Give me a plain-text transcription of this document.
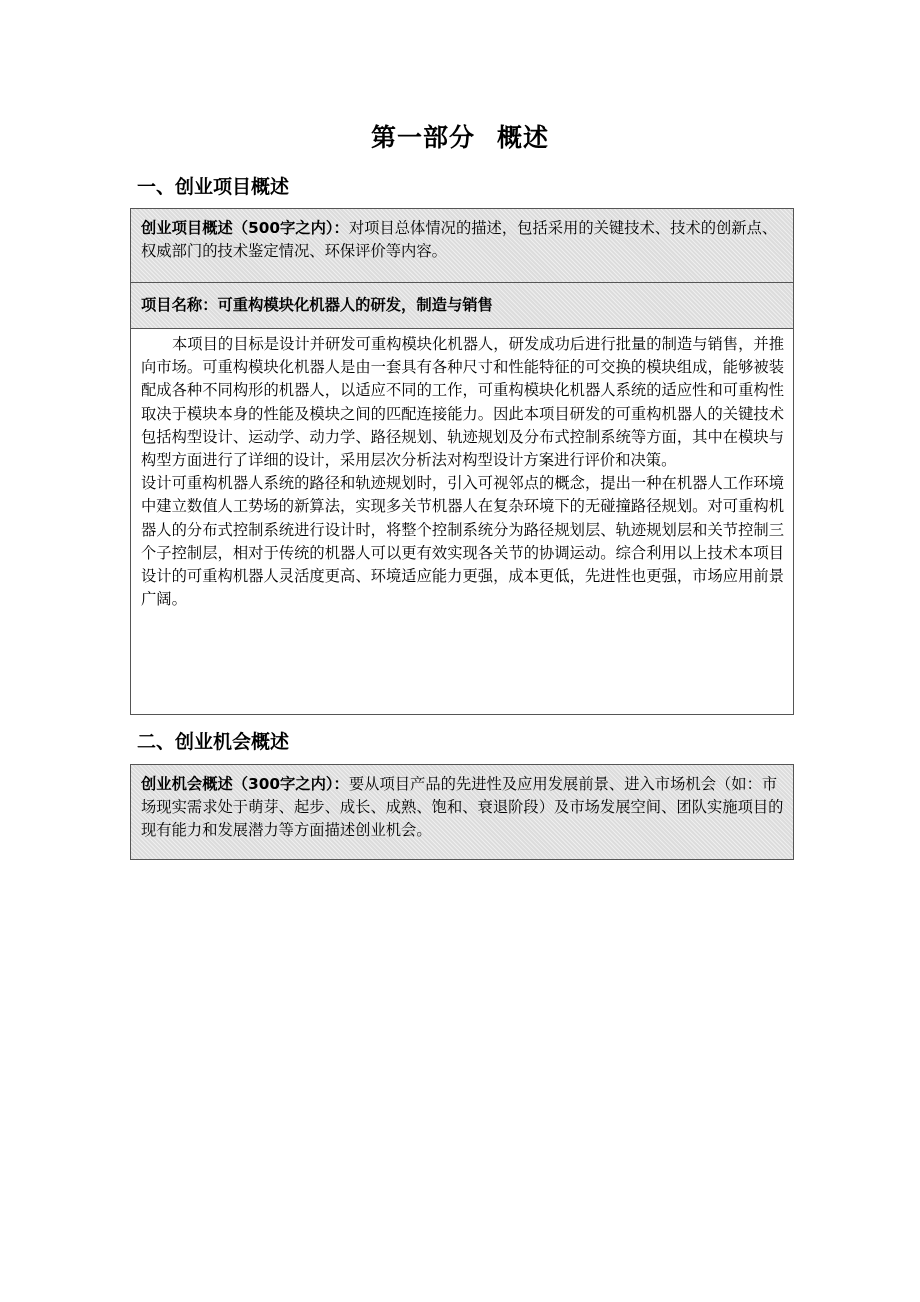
第一部分 概述
一、创业项目概述
创业项目概述（500字之内）：对项目总体情况的描述，包括采用的关键技术、技术的创新点、权威部门的技术鉴定情况、环保评价等内容。
项目名称：可重构模块化机器人的研发，制造与销售

本项目的目标是设计并研发可重构模块化机器人，研发成功后进行批量的制造与销售，并推向市场。可重构模块化机器人是由一套具有各种尺寸和性能特征的可交换的模块组成，能够被装配成各种不同构形的机器人，以适应不同的工作，可重构模块化机器人系统的适应性和可重构性取决于模块本身的性能及模块之间的匹配连接能力。因此本项目研发的可重构机器人的关键技术包括构型设计、运动学、动力学、路径规划、轨迹规划及分布式控制系统等方面，其中在模块与构型方面进行了详细的设计，采用层次分析法对构型设计方案进行评价和决策。

设计可重构机器人系统的路径和轨迹规划时，引入可视邻点的概念，提出一种在机器人工作环境中建立数值人工势场的新算法，实现多关节机器人在复杂环境下的无碰撞路径规划。对可重构机器人的分布式控制系统进行设计时，将整个控制系统分为路径规划层、轨迹规划层和关节控制三个子控制层，相对于传统的机器人可以更有效实现各关节的协调运动。综合利用以上技术本项目设计的可重构机器人灵活度更高、环境适应能力更强，成本更低，先进性也更强，市场应用前景广阔。

二、创业机会概述
创业机会概述（300字之内）：要从项目产品的先进性及应用发展前景、进入市场机会（如：市场现实需求处于萌芽、起步、成长、成熟、饱和、衰退阶段）及市场发展空间、团队实施项目的现有能力和发展潜力等方面描述创业机会。
